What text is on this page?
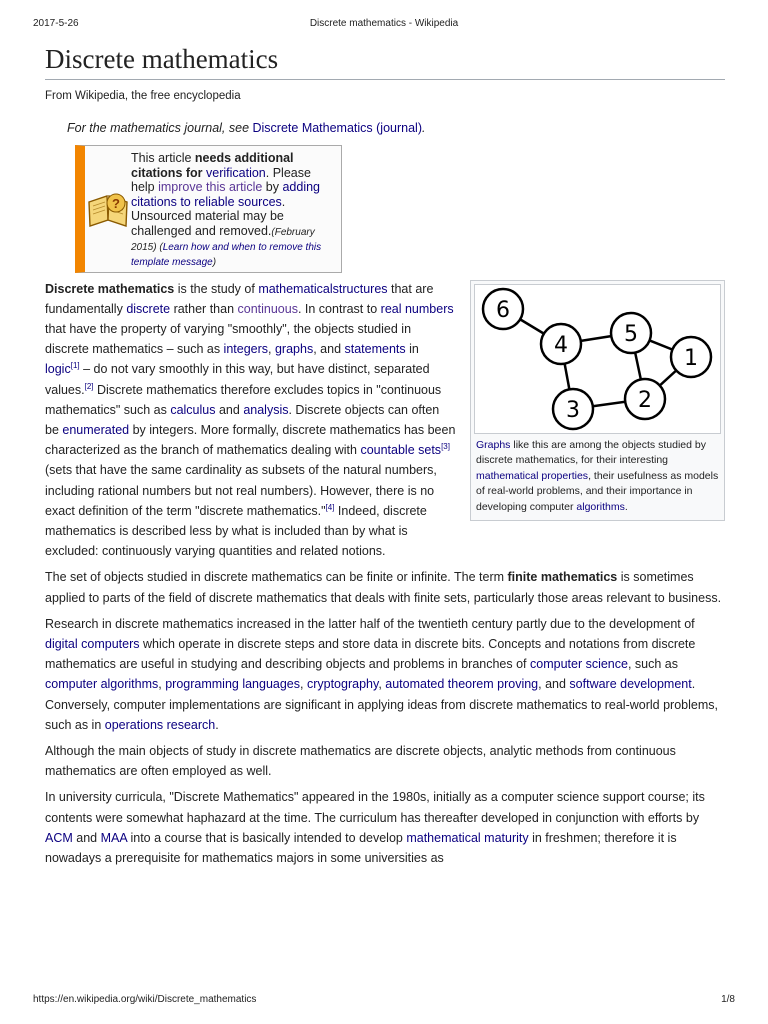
2017-5-26	Discrete mathematics - Wikipedia
Discrete mathematics
From Wikipedia, the free encyclopedia
For the mathematics journal, see Discrete Mathematics (journal).
?
This article needs additional citations for verification. Please help improve this article by adding citations to reliable sources. Unsourced material may be challenged and removed.(February 2015) (Learn how and when to remove this template message)
6
4	5
1
2
3
Graphs like this are among the objects studied by discrete mathematics, for their interesting mathematical properties, their usefulness as models of real-world problems, and their importance in developing computer algorithms.

Discrete mathematics is the study of mathematicalstructures that are fundamentally discrete rather than continuous. In contrast to real numbers that have the property of varying "smoothly", the objects studied in discrete mathematics – such as integers, graphs, and statements in logic[1] – do not vary smoothly in this way, but have distinct, separated values.[2] Discrete mathematics therefore excludes topics in "continuous mathematics" such as calculus and analysis. Discrete objects can often be enumerated by integers. More formally, discrete mathematics has been characterized as the branch of mathematics dealing with countable sets[3] (sets that have the same cardinality as subsets of the natural numbers, including rational numbers but not real numbers). However, there is no exact definition of the term "discrete mathematics."[4] Indeed, discrete mathematics is described less by what is included than by what is excluded: continuously varying quantities and related notions.

The set of objects studied in discrete mathematics can be finite or infinite. The term finite mathematics is sometimes applied to parts of the field of discrete mathematics that deals with finite sets, particularly those areas relevant to business.

Research in discrete mathematics increased in the latter half of the twentieth century partly due to the development of digital computers which operate in discrete steps and store data in discrete bits. Concepts and notations from discrete mathematics are useful in studying and describing objects and problems in branches of computer science, such as computer algorithms, programming languages, cryptography, automated theorem proving, and software development. Conversely, computer implementations are significant in applying ideas from discrete mathematics to real-world problems, such as in operations research.

Although the main objects of study in discrete mathematics are discrete objects, analytic methods from continuous mathematics are often employed as well.

In university curricula, "Discrete Mathematics" appeared in the 1980s, initially as a computer science support course; its contents were somewhat haphazard at the time. The curriculum has thereafter developed in conjunction with efforts by ACM and MAA into a course that is basically intended to develop mathematical maturity in freshmen; therefore it is nowadays a prerequisite for mathematics majors in some universities as

https://en.wikipedia.org/wiki/Discrete_mathematics	1/8
